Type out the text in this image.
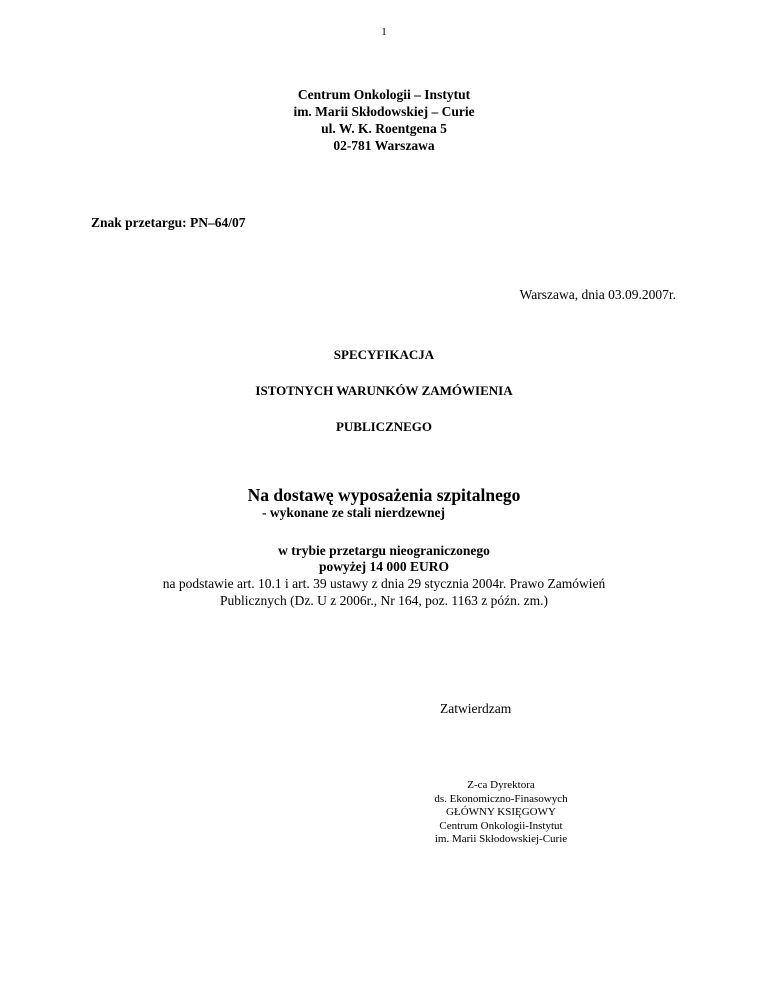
1
Centrum Onkologii – Instytut
im. Marii Skłodowskiej – Curie
ul. W. K. Roentgena 5
02-781 Warszawa
Znak przetargu: PN–64/07
Warszawa, dnia 03.09.2007r.
SPECYFIKACJA
ISTOTNYCH WARUNKÓW ZAMÓWIENIA
PUBLICZNEGO
Na dostawę wyposażenia szpitalnego
- wykonane ze stali nierdzewnej
w trybie przetargu nieograniczonego
powyżej 14 000 EURO
na podstawie art. 10.1 i art. 39 ustawy z dnia 29 stycznia 2004r. Prawo Zamówień
Publicznych (Dz. U z 2006r., Nr 164, poz. 1163 z późn. zm.)
Zatwierdzam
Z-ca Dyrektora
ds. Ekonomiczno-Finasowych
GŁÓWNY KSIĘGOWY
Centrum Onkologii-Instytut
im. Marii Skłodowskiej-Curie
